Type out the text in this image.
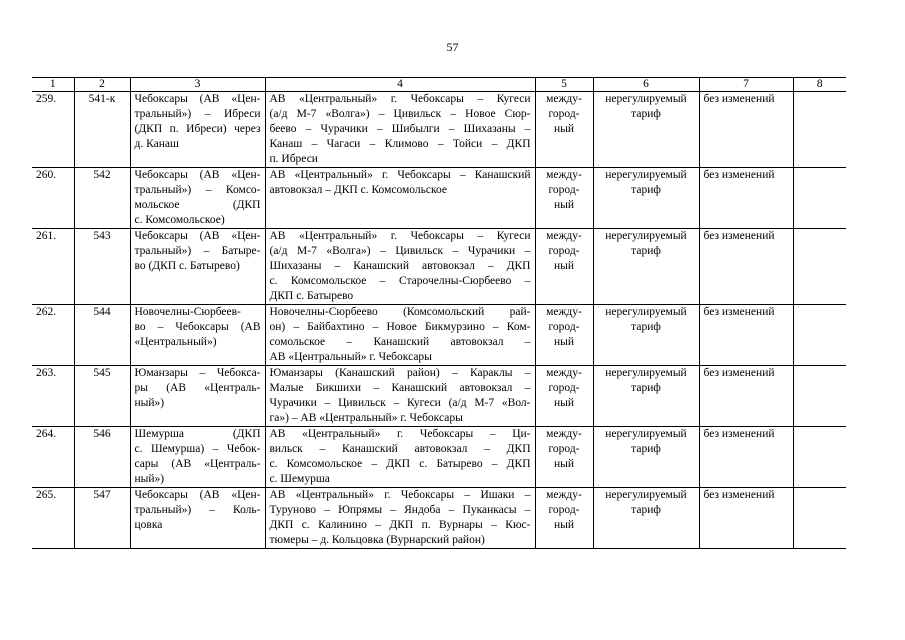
57
1	2	3	4	5	6	7	8
259.	541-к	Чебоксары (АВ «Цен-
тральный») – Ибреси
(ДКП п. Ибреси) через
д. Канаш	АВ «Центральный» г. Чебоксары – Кугеси
(а/д М-7 «Волга») – Цивильск – Новое Сюр-
беево – Чурачики – Шибылги – Шихазаны –
Канаш – Чагаси – Климово – Тойси – ДКП
п. Ибреси	между-
город-
ный	нерегулируемый
тариф	без изменений	
260.	542	Чебоксары (АВ «Цен-
тральный») – Комсо-
мольское (ДКП
с. Комсомольское)	АВ «Центральный» г. Чебоксары – Канашский
автовокзал – ДКП с. Комсомольское	между-
город-
ный	нерегулируемый
тариф	без изменений	
261.	543	Чебоксары (АВ «Цен-
тральный») – Батыре-
во (ДКП с. Батырево)	АВ «Центральный» г. Чебоксары – Кугеси
(а/д М-7 «Волга») – Цивильск – Чурачики –
Шихазаны – Канашский автовокзал – ДКП
с. Комсомольское – Старочелны-Сюрбеево –
ДКП с. Батырево	между-
город-
ный	нерегулируемый
тариф	без изменений	
262.	544	Новочелны-Сюрбеев-
во – Чебоксары (АВ
«Центральный»)	Новочелны-Сюрбеево (Комсомольский рай-
он) – Байбахтино – Новое Бикмурзино – Ком-
сомольское – Канашский автовокзал –
АВ «Центральный» г. Чебоксары	между-
город-
ный	нерегулируемый
тариф	без изменений	
263.	545	Юманзары – Чебокса-
ры (АВ «Централь-
ный»)	Юманзары (Канашский район) – Караклы –
Малые Бикшихи – Канашский автовокзал –
Чурачики – Цивильск – Кугеси (а/д М-7 «Вол-
га») – АВ «Центральный» г. Чебоксары	между-
город-
ный	нерегулируемый
тариф	без изменений	
264.	546	Шемурша (ДКП
с. Шемурша) – Чебок-
сары (АВ «Централь-
ный»)	АВ «Центральный» г. Чебоксары – Ци-
вильск – Канашский автовокзал – ДКП
с. Комсомольское – ДКП с. Батырево – ДКП
с. Шемурша	между-
город-
ный	нерегулируемый
тариф	без изменений	
265.	547	Чебоксары (АВ «Цен-
тральный») – Коль-
цовка	АВ «Центральный» г. Чебоксары – Ишаки –
Турунoво – Юпрямы – Яндоба – Пуканкасы –
ДКП с. Калинино – ДКП п. Вурнары – Кюс-
тюмеры – д. Кольцовка (Вурнарский район)	между-
город-
ный	нерегулируемый
тариф	без изменений	
